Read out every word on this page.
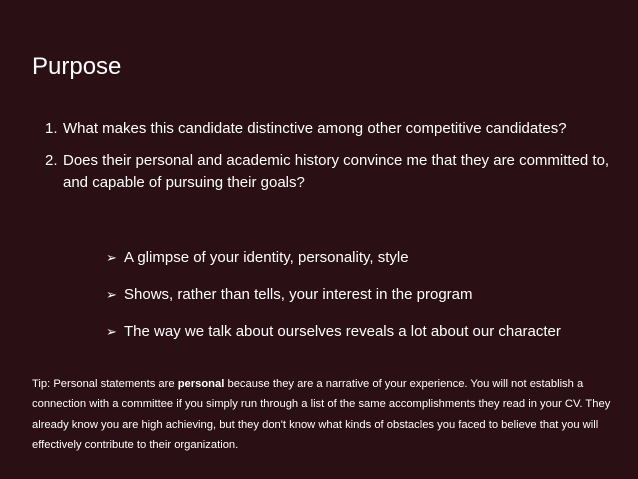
Purpose
1. What makes this candidate distinctive among other competitive candidates?
2. Does their personal and academic history convince me that they are committed to, and capable of pursuing their goals?
➢ A glimpse of your identity, personality, style
➢ Shows, rather than tells, your interest in the program
➢ The way we talk about ourselves reveals a lot about our character

Tip: Personal statements are personal because they are a narrative of your experience. You will not establish a connection with a committee if you simply run through a list of the same accomplishments they read in your CV. They already know you are high achieving, but they don't know what kinds of obstacles you faced to believe that you will effectively contribute to their organization.
